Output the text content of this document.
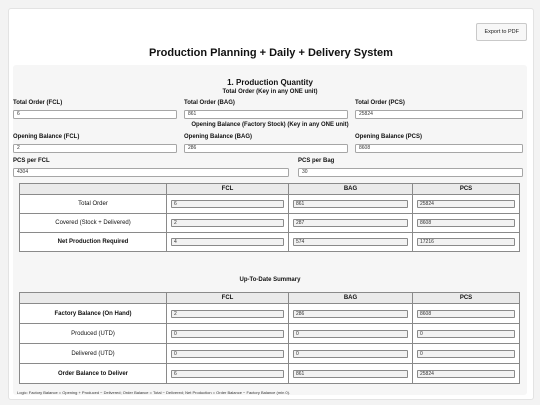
Export to PDF
Production Planning + Daily + Delivery System
1. Production Quantity
Total Order (Key in any ONE unit)
Total Order (FCL)
6
Total Order (BAG)
861
Total Order (PCS)
25824
Opening Balance (Factory Stock) (Key in any ONE unit)
Opening Balance (FCL)
2
Opening Balance (BAG)
286
Opening Balance (PCS)
8608
PCS per FCL
4304
PCS per Bag
30
	FCL	BAG	PCS
Total Order	6	861	25824

Covered (Stock + Delivered)	2	287	8608

Net Production Required	4	574	17216
Up-To-Date Summary
	FCL	BAG	PCS
Factory Balance (On Hand)	2	286	8608

Produced (UTD)	0	0	0

Delivered (UTD)	0	0	0

Order Balance to Deliver	6	861	25824
Logic: Factory Balance = Opening + Produced − Delivered; Order Balance = Total − Delivered; Net Production = Order Balance − Factory Balance (min 0).
